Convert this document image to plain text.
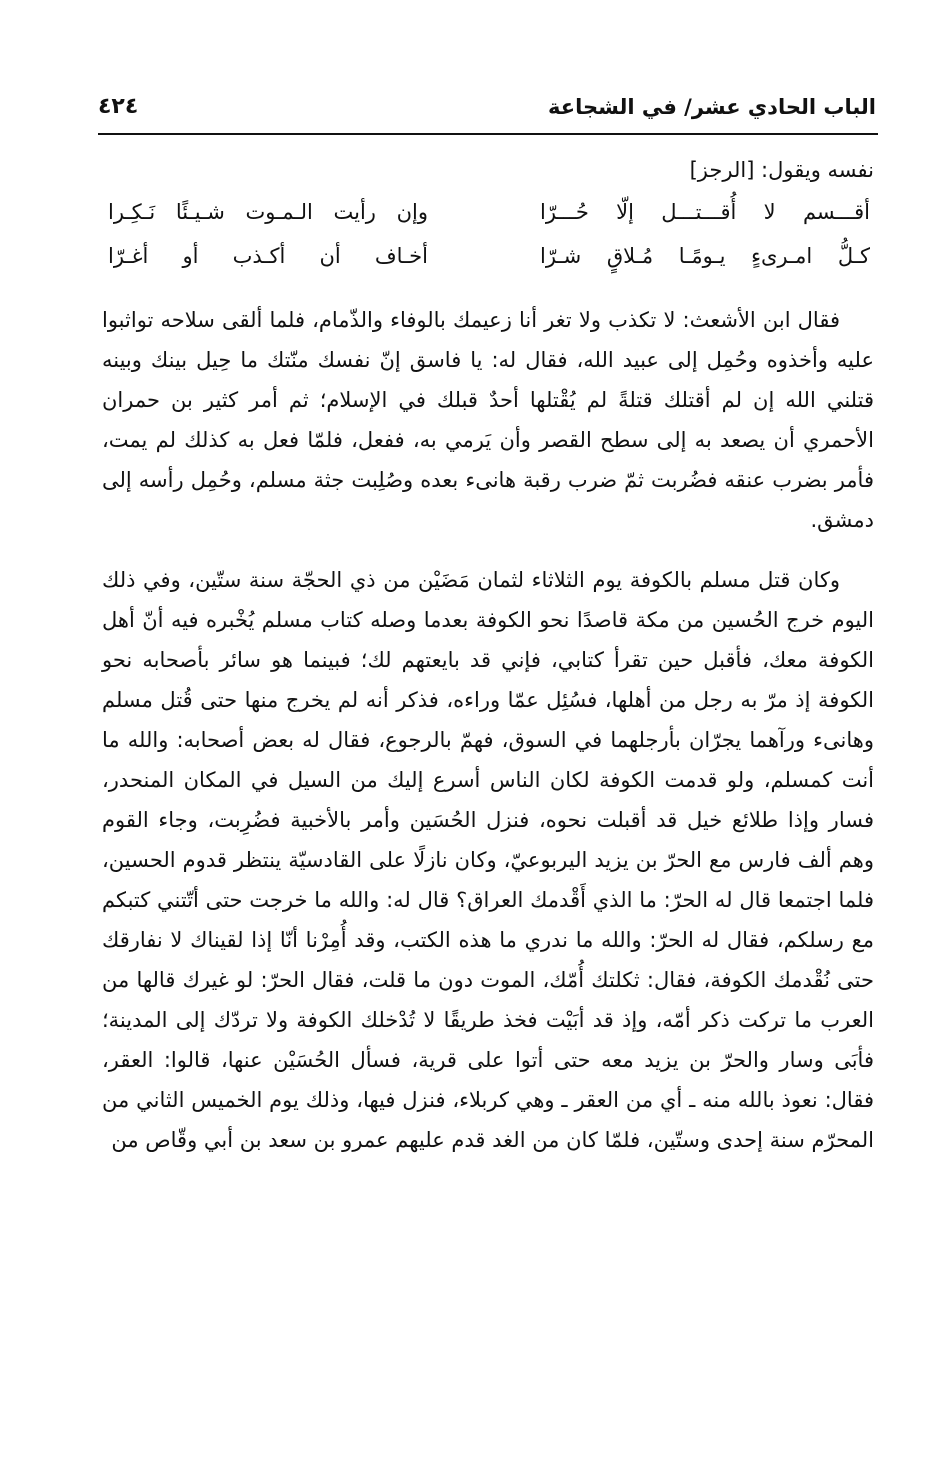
الباب الحادي عشر/ في الشجاعة
٤٢٤

نفسه ويقول: [الرجز]

أقـــسم لا أُقـــتـــل إلّا حُـــرّا
وإن رأيت الـمـوت شـيـئًا نَـكِـرا
كـلُّ امـرىءٍ يـومًـا مُـلاقٍ شـرّا
أخـاف أن أكـذب أو أغـرّا

فقال ابن الأشعث: لا تكذب ولا تغر أنا زعيمك بالوفاء والذّمام، فلما ألقى سلاحه تواثبوا عليه وأخذوه وحُمِل إلى عبيد الله، فقال له: يا فاسق إنّ نفسك منّتك ما حِيل بينك وبينه قتلني الله إن لم أقتلك قتلةً لم يُقْتلها أحدٌ قبلك في الإسلام؛ ثم أمر كثير بن حمران الأحمري أن يصعد به إلى سطح القصر وأن يَرمي به، ففعل، فلمّا فعل به كذلك لم يمت، فأمر بضرب عنقه فضُربت ثمّ ضرب رقبة هانىء بعده وصُلِبت جثة مسلم، وحُمِل رأسه إلى دمشق.

وكان قتل مسلم بالكوفة يوم الثلاثاء لثمان مَضَيْن من ذي الحجّة سنة ستّين، وفي ذلك اليوم خرج الحُسين من مكة قاصدًا نحو الكوفة بعدما وصله كتاب مسلم يُخْبره فيه أنّ أهل الكوفة معك، فأقبل حين تقرأ كتابي، فإني قد بايعتهم لك؛ فبينما هو سائر بأصحابه نحو الكوفة إذ مرّ به رجل من أهلها، فسُئِل عمّا وراءه، فذكر أنه لم يخرج منها حتى قُتل مسلم وهانىء ورآهما يجرّان بأرجلهما في السوق، فهمّ بالرجوع، فقال له بعض أصحابه: والله ما أنت كمسلم، ولو قدمت الكوفة لكان الناس أسرع إليك من السيل في المكان المنحدر، فسار وإذا طلائع خيل قد أقبلت نحوه، فنزل الحُسَين وأمر بالأخبية فضُرِبت، وجاء القوم وهم ألف فارس مع الحرّ بن يزيد اليربوعيّ، وكان نازلًا على القادسيّة ينتظر قدوم الحسين، فلما اجتمعا قال له الحرّ: ما الذي أَقْدمك العراق؟ قال له: والله ما خرجت حتى أتّتني كتبكم مع رسلكم، فقال له الحرّ: والله ما ندري ما هذه الكتب، وقد أُمِرْنا أنّا إذا لقيناك لا نفارقك حتى نُقْدمك الكوفة، فقال: ثكلتك أُمّك، الموت دون ما قلت، فقال الحرّ: لو غيرك قالها من العرب ما تركت ذكر أمّه، وإذ قد أبَيْت فخذ طريقًا لا تُدْخلك الكوفة ولا تردّك إلى المدينة؛ فأبَى وسار والحرّ بن يزيد معه حتى أتوا على قرية، فسأل الحُسَيْن عنها، قالوا: العقر، فقال: نعوذ بالله منه ـ أي من العقر ـ وهي كربلاء، فنزل فيها، وذلك يوم الخميس الثاني من المحرّم سنة إحدى وستّين، فلمّا كان من الغد قدم عليهم عمرو بن سعد بن أبي وقّاص من
